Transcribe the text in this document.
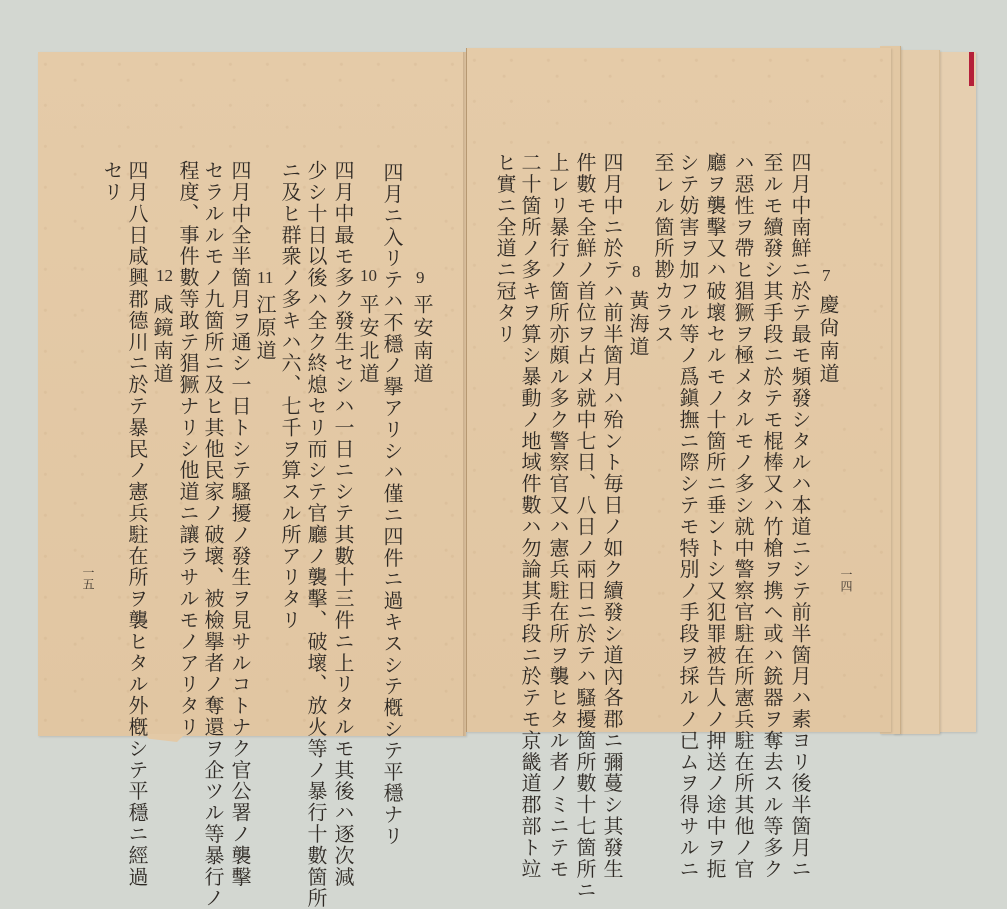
7
慶尙南道
四月中南鮮ニ於テ最モ頻發シタルハ本道ニシテ前半箇月ハ素ヨリ後半箇月ニ
至ルモ續發シ其手段ニ於テモ棍棒又ハ竹槍ヲ携ヘ或ハ銃器ヲ奪去スル等多ク
ハ惡性ヲ帶ヒ猖獗ヲ極メタルモノ多シ就中警察官駐在所憲兵駐在所其他ノ官
廳ヲ襲擊又ハ破壞セルモノ十箇所ニ垂ントシ又犯罪被告人ノ押送ノ途中ヲ扼
シテ妨害ヲ加フル等ノ爲鎭撫ニ際シテモ特別ノ手段ヲ採ルノ已ムヲ得サルニ
至レル箇所尠カラス
8
黃海道
四月中ニ於テハ前半箇月ハ殆ント毎日ノ如ク續發シ道內各郡ニ彌蔓シ其發生
件數モ全鮮ノ首位ヲ占メ就中七日、八日ノ兩日ニ於テハ騷擾箇所數十七箇所ニ
上レリ暴行ノ箇所亦頗ル多ク警察官又ハ憲兵駐在所ヲ襲ヒタル者ノミニテモ
二十箇所ノ多キヲ算シ暴動ノ地域件數ハ勿論其手段ニ於テモ京畿道郡部ト竝
ヒ實ニ全道ニ冠タリ
一四
9
平安南道
四月ニ入リテハ不穩ノ擧アリシハ僅ニ四件ニ過キスシテ槪シテ平穩ナリ
10
平安北道
四月中最モ多ク發生セシハ一日ニシテ其數十三件ニ上リタルモ其後ハ逐次減
少シ十日以後ハ全ク終熄セリ而シテ官廳ノ襲擊、破壞、放火等ノ暴行十數箇所
ニ及ヒ群衆ノ多キハ六、七千ヲ算スル所アリタリ
11
江原道
四月中全半箇月ヲ通シ一日トシテ騷擾ノ發生ヲ見サルコトナク官公署ノ襲擊
セラルルモノ九箇所ニ及ヒ其他民家ノ破壞、被檢擧者ノ奪還ヲ企ツル等暴行ノ
程度、事件數等敢テ猖獗ナリシ他道ニ讓ラサルモノアリタリ
12
咸鏡南道
四月八日咸興郡德川ニ於テ暴民ノ憲兵駐在所ヲ襲ヒタル外槪シテ平穩ニ經過
セリ
一五
